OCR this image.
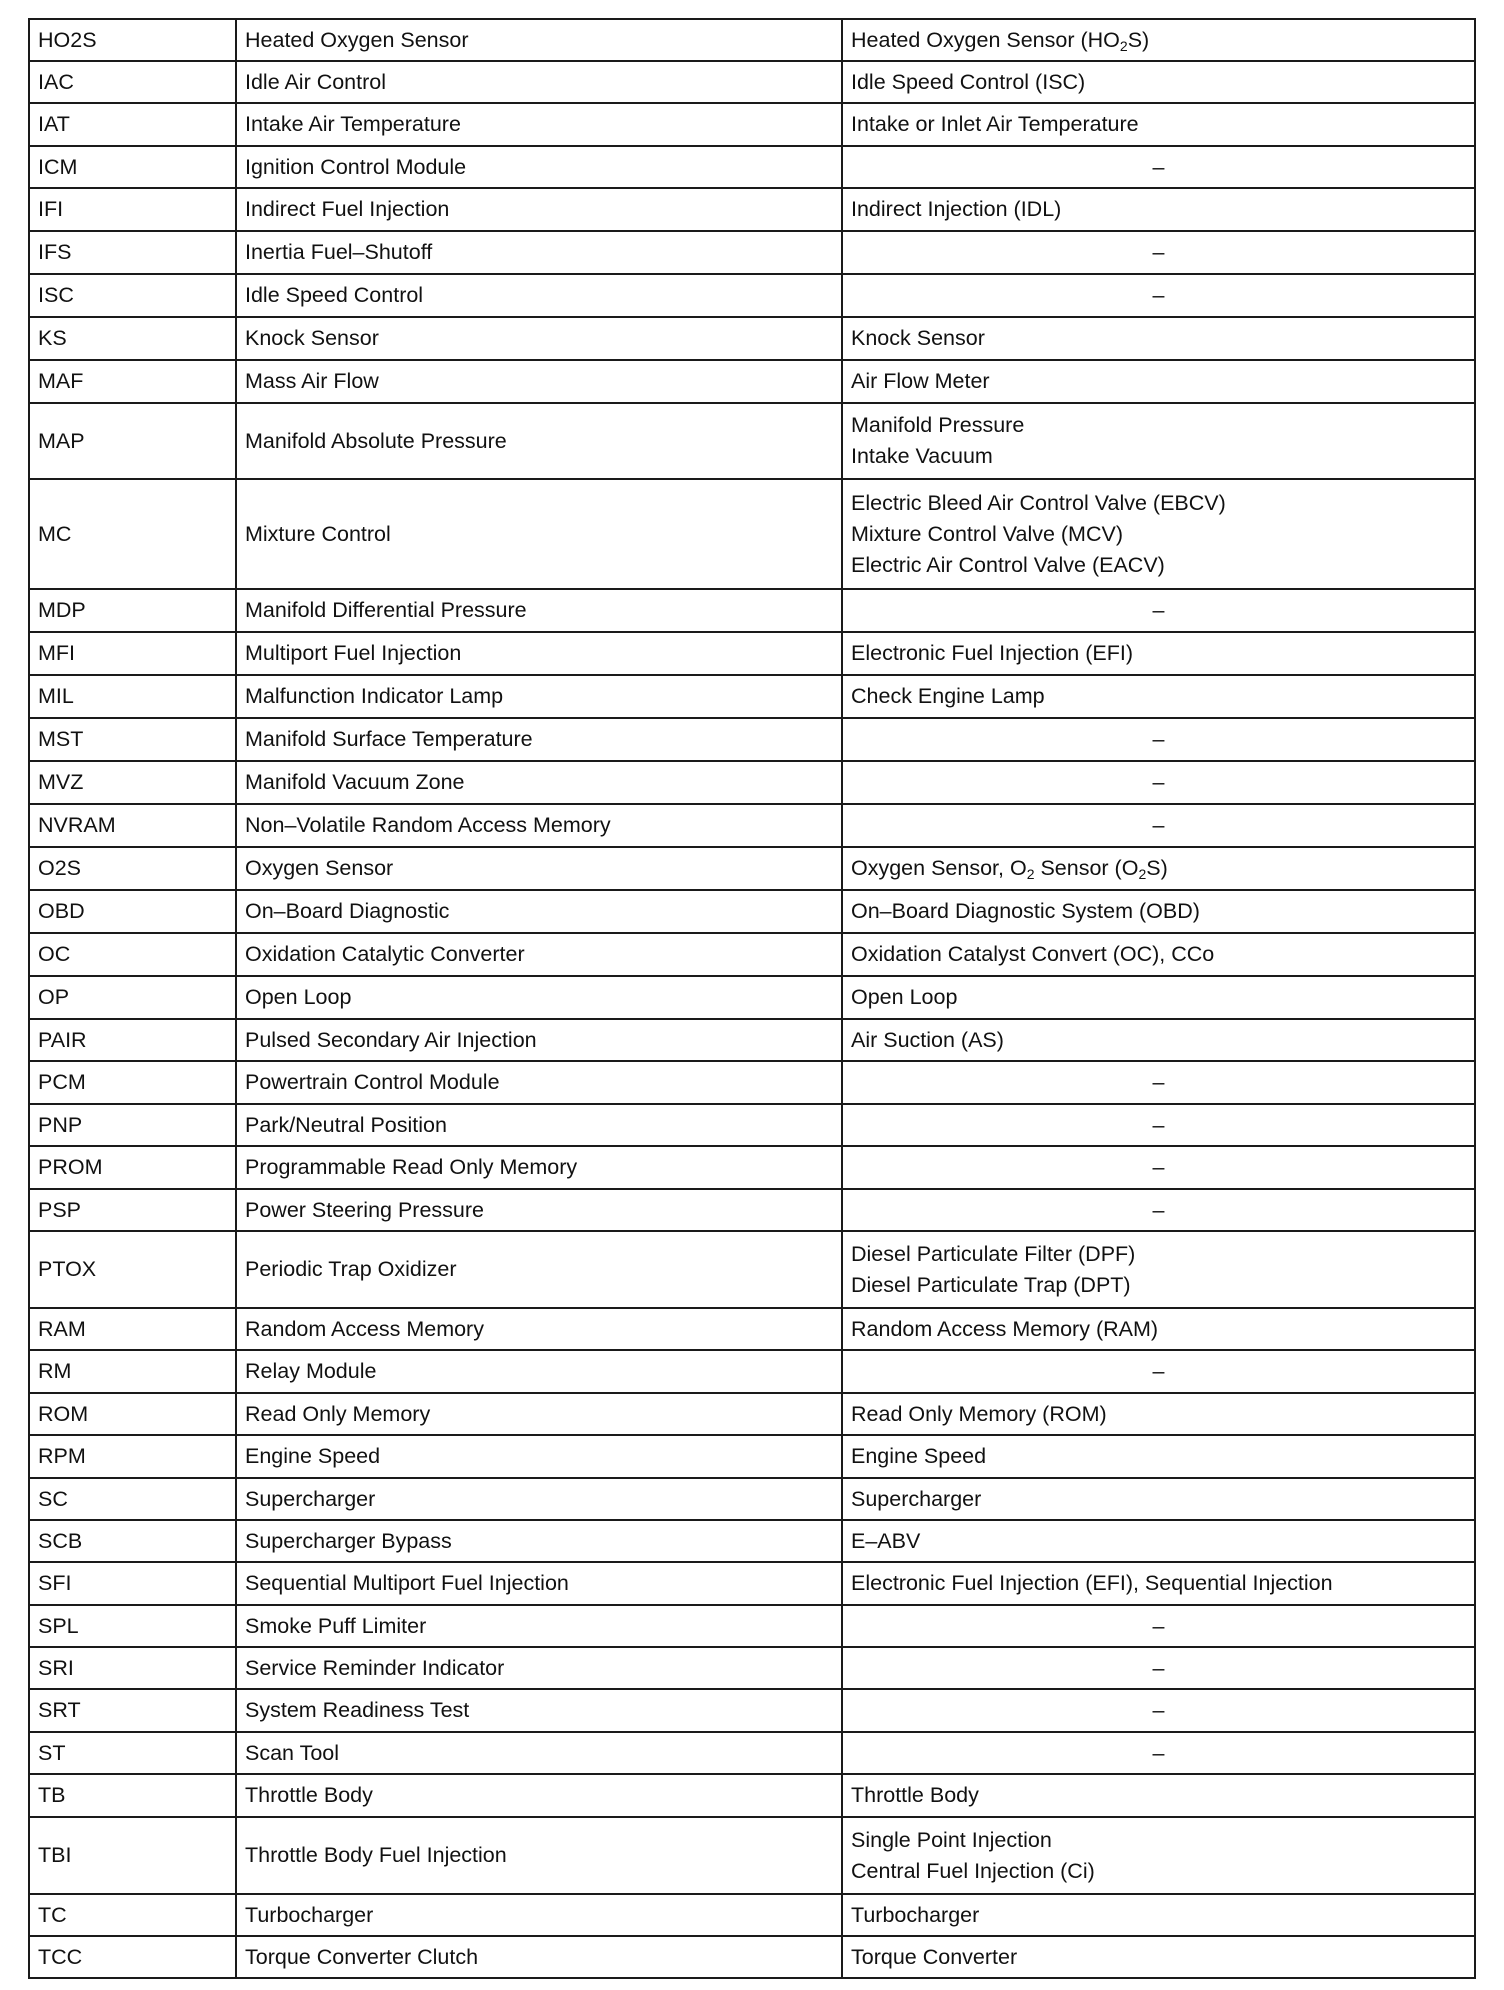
HO2S	Heated Oxygen Sensor	Heated Oxygen Sensor $(HO_2S)$

IAC	Idle Air Control	Idle Speed Control (ISC)

IAT	Intake Air Temperature	Intake or Inlet Air Temperature

ICM	Ignition Control Module	–
IFI	Indirect Fuel Injection	Indirect Injection (IDL)

IFS	Inertia Fuel–Shutoff	–
ISC	Idle Speed Control	–
KS	Knock Sensor	Knock Sensor

MAF	Mass Air Flow	Air Flow Meter

MAP	Manifold Absolute Pressure	Manifold Pressure
Intake Vacuum

MC	Mixture Control	Electric Bleed Air Control Valve (EBCV)
Mixture Control Valve (MCV)
Electric Air Control Valve (EACV)

MDP	Manifold Differential Pressure	–
MFI	Multiport Fuel Injection	Electronic Fuel Injection (EFI)

MIL	Malfunction Indicator Lamp	Check Engine Lamp

MST	Manifold Surface Temperature	–
MVZ	Manifold Vacuum Zone	–
NVRAM	Non–Volatile Random Access Memory	–
O2S	Oxygen Sensor	Oxygen Sensor, $O_2$ Sensor $(O_2S)$

OBD	On–Board Diagnostic	On–Board Diagnostic System (OBD)

OC	Oxidation Catalytic Converter	Oxidation Catalyst Convert (OC), CCo

OP	Open Loop	Open Loop

PAIR	Pulsed Secondary Air Injection	Air Suction (AS)

PCM	Powertrain Control Module	–
PNP	Park/Neutral Position	–
PROM	Programmable Read Only Memory	–
PSP	Power Steering Pressure	–
PTOX	Periodic Trap Oxidizer	Diesel Particulate Filter (DPF)
Diesel Particulate Trap (DPT)

RAM	Random Access Memory	Random Access Memory (RAM)

RM	Relay Module	–
ROM	Read Only Memory	Read Only Memory (ROM)

RPM	Engine Speed	Engine Speed

SC	Supercharger	Supercharger

SCB	Supercharger Bypass	E–ABV

SFI	Sequential Multiport Fuel Injection	Electronic Fuel Injection (EFI), Sequential Injection

SPL	Smoke Puff Limiter	–
SRI	Service Reminder Indicator	–
SRT	System Readiness Test	–
ST	Scan Tool	–
TB	Throttle Body	Throttle Body

TBI	Throttle Body Fuel Injection	Single Point Injection
Central Fuel Injection (Ci)

TC	Turbocharger	Turbocharger

TCC	Torque Converter Clutch	Torque Converter
